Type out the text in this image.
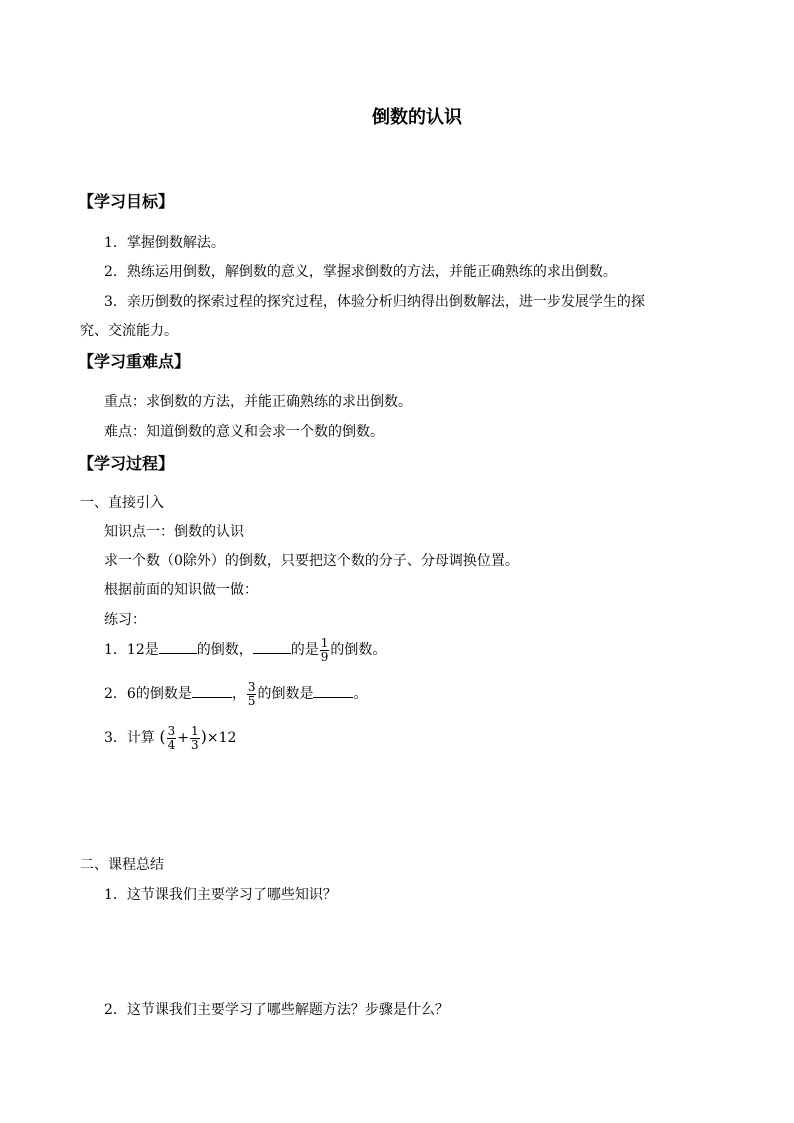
倒数的认识
【学习目标】
1．掌握倒数解法。
2．熟练运用倒数，解倒数的意义，掌握求倒数的方法，并能正确熟练的求出倒数。
3．亲历倒数的探索过程的探究过程，体验分析归纳得出倒数解法，进一步发展学生的探
究、交流能力。
【学习重难点】
重点：求倒数的方法，并能正确熟练的求出倒数。
难点：知道倒数的意义和会求一个数的倒数。
【学习过程】
一、直接引入
知识点一：倒数的认识
求一个数（0除外）的倒数，只要把这个数的分子、分母调换位置。
根据前面的知识做一做：
练习：
1．12是	的倒数，	的是 $\frac{1}{9}$ 的倒数。
2．6的倒数是	， $\frac{3}{5}$ 的倒数是	。
3．计算 ( $\frac{3}{4} + \frac{1}{3} )\times 12$
二、课程总结
1．这节课我们主要学习了哪些知识？
2．这节课我们主要学习了哪些解题方法？步骤是什么？
